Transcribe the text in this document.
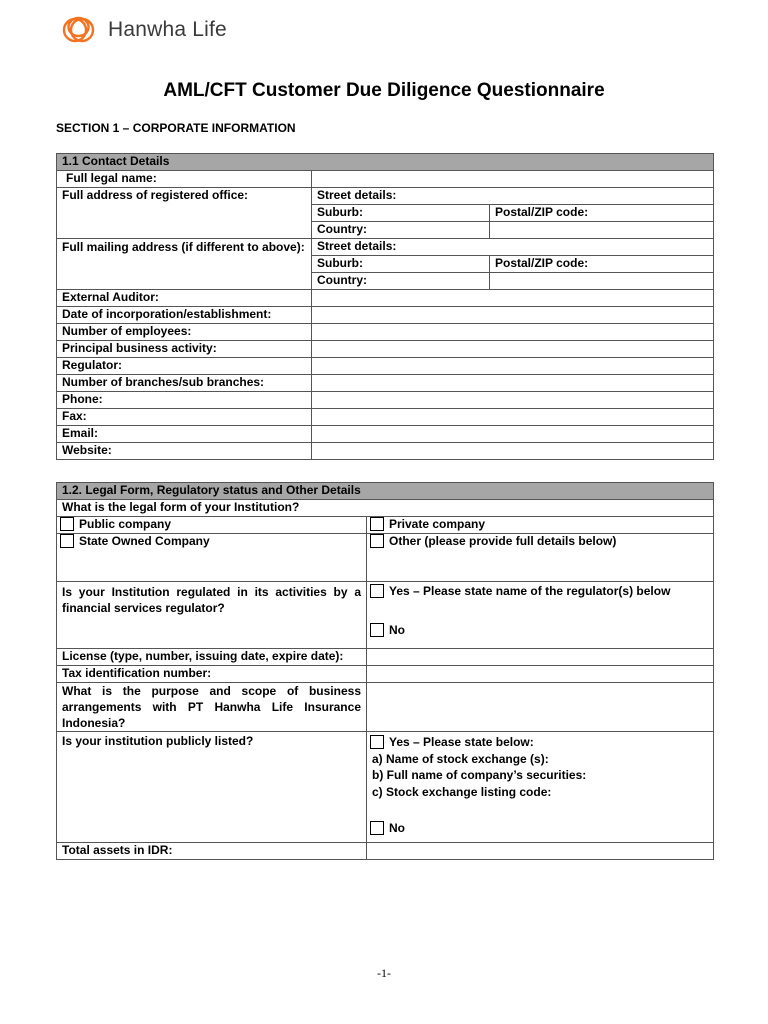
Hanwha Life
AML/CFT Customer Due Diligence Questionnaire
SECTION 1 – CORPORATE INFORMATION
1.1 Contact Details		
Full legal name:		
Full address of registered office:	Street details:	
	Suburb:	Postal/ZIP code:
	Country:	

Full mailing address (if different to above):	Street details:	
	Suburb:	Postal/ZIP code:
	Country:	
External Auditor:		
Date of incorporation/establishment:		
Number of employees:		
Principal business activity:		
Regulator:		
Number of branches/sub branches:		
Phone:		
Fax:		
Email:		
Website:		
1.2. Legal Form, Regulatory status and Other Details	
What is the legal form of your Institution?	
Public company	Private company
State Owned Company	Other (please provide full details below)

Is your Institution regulated in its activities by a financial services regulator?	Yes – Please state name of the regulator(s) below
No

License (type, number, issuing date, expire date):	
Tax identification number:	

What is the purpose and scope of business arrangements with PT Hanwha Life Insurance Indonesia?	

Is your institution publicly listed?	Yes – Please state below:
a) Name of stock exchange (s):
b) Full name of company’s securities:
c) Stock exchange listing code:
No

Total assets in IDR:	
-1-
